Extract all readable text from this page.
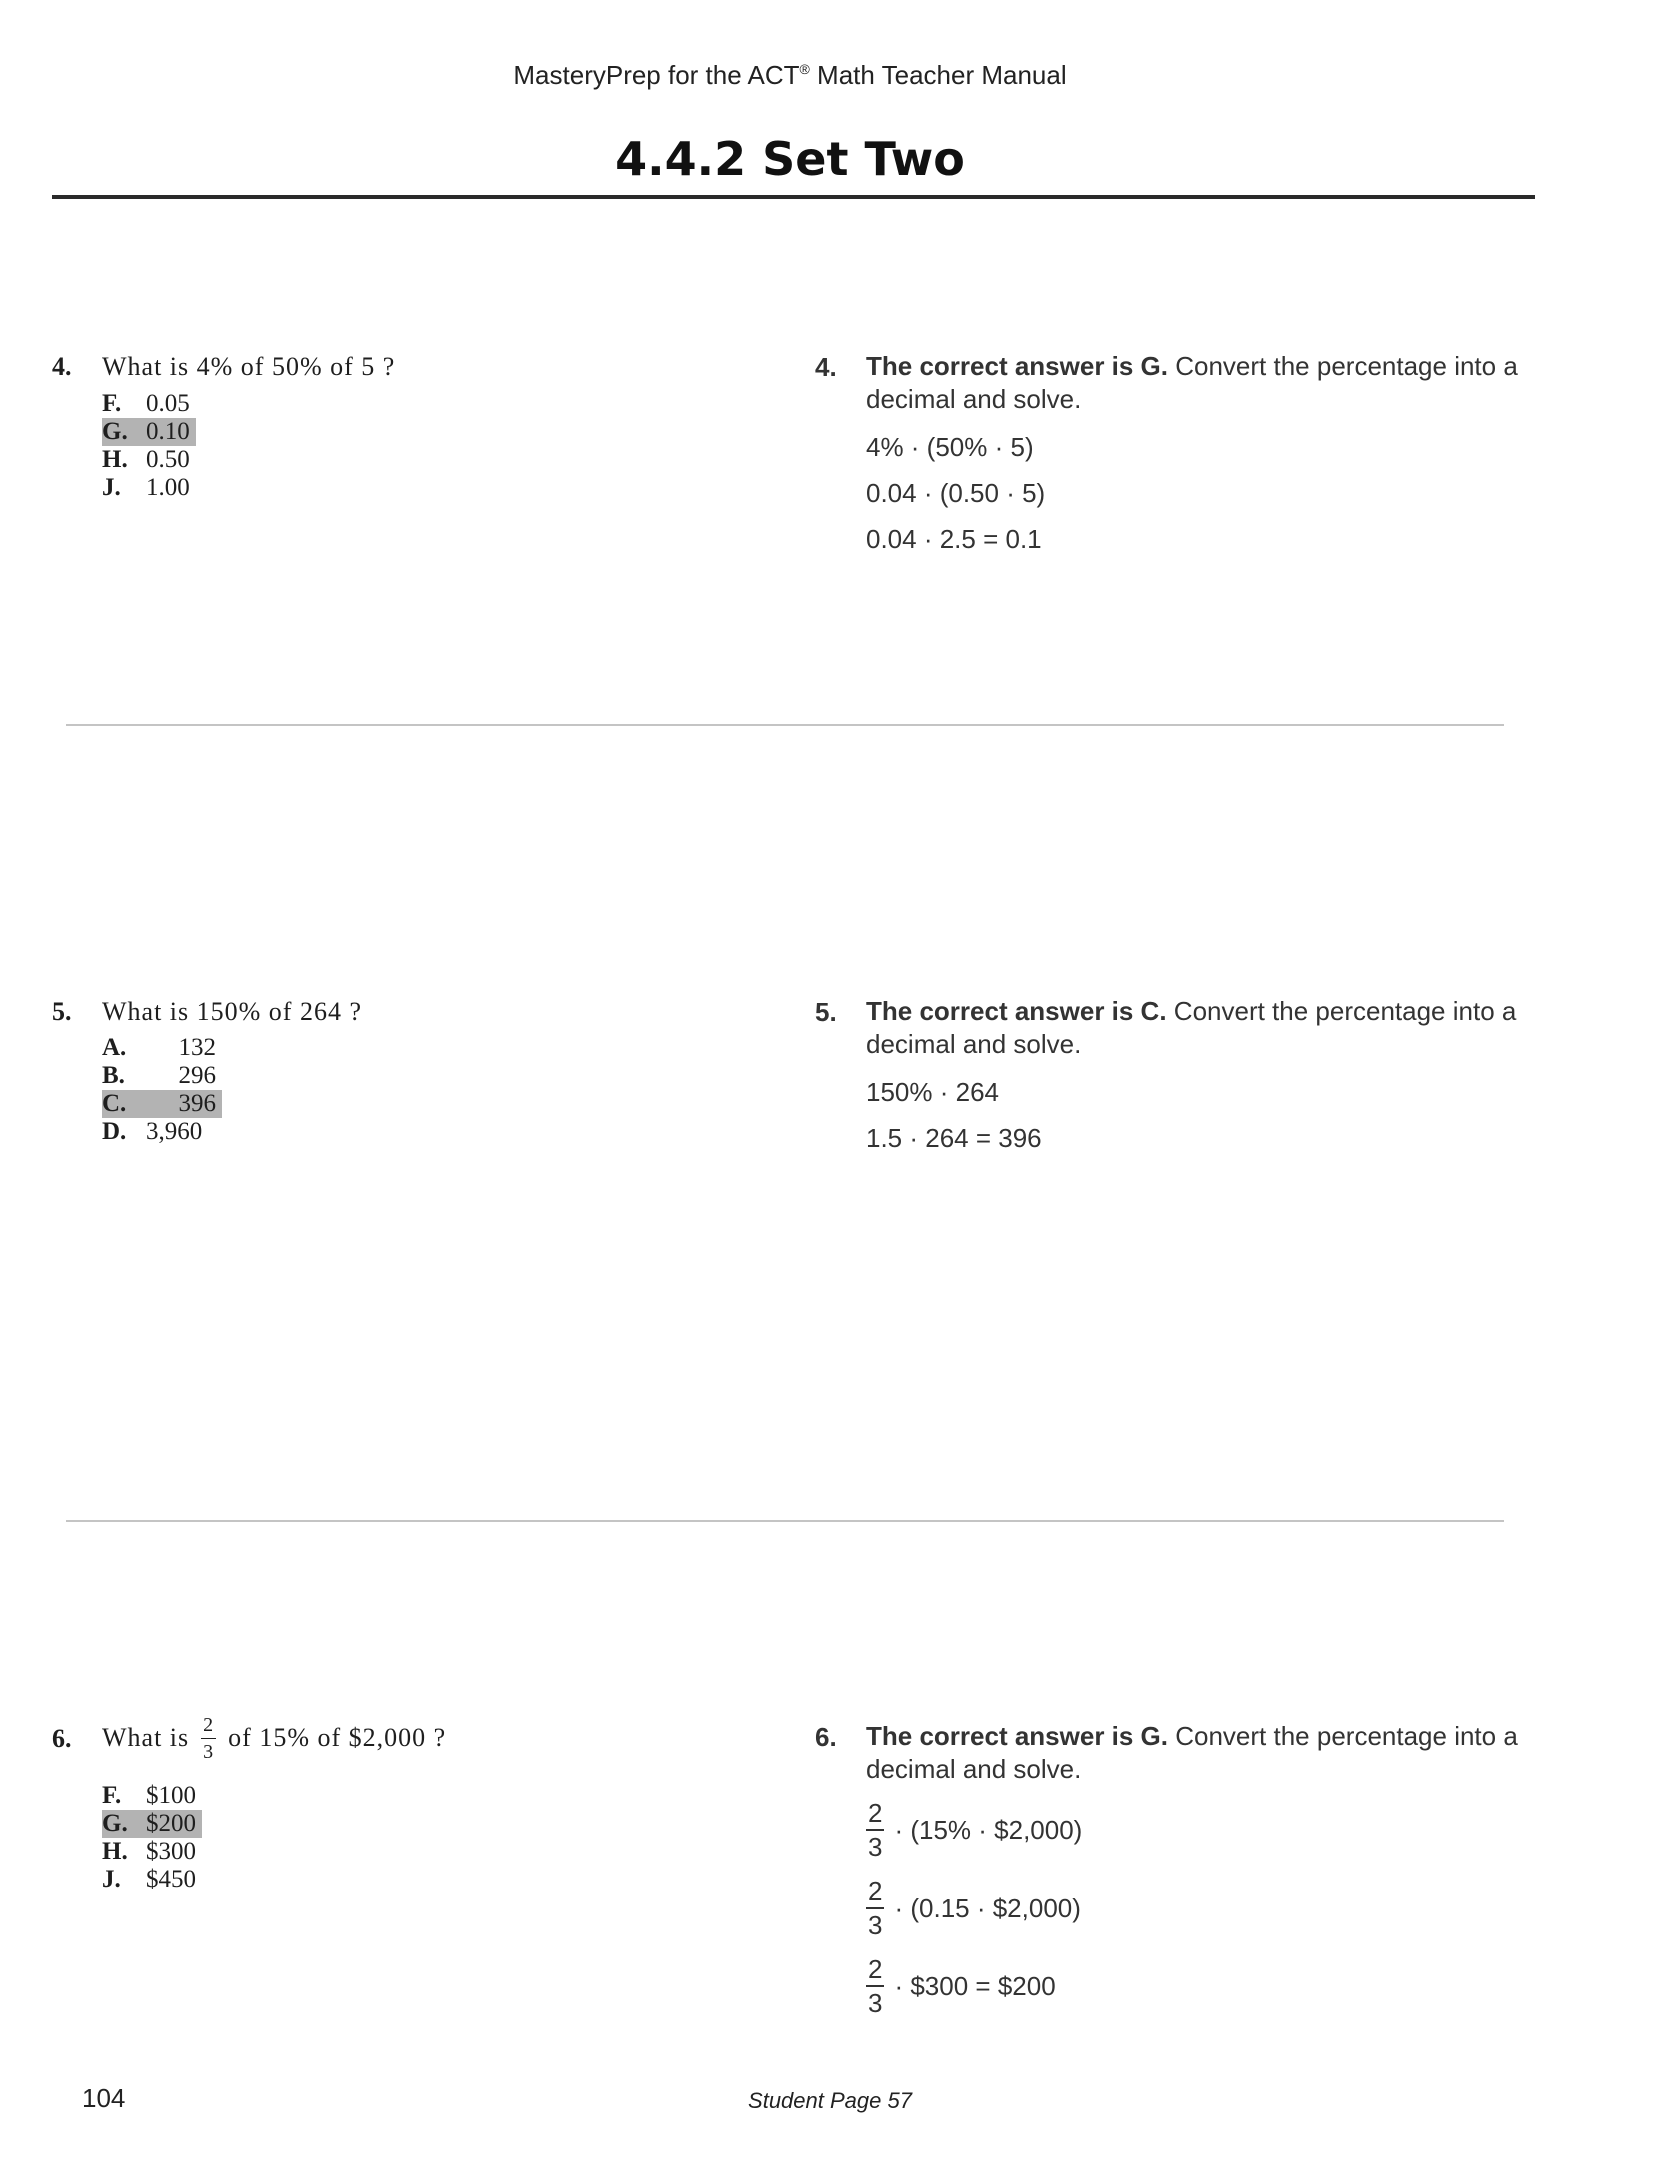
MasteryPrep for the ACT® Math Teacher Manual
4.4.2 Set Two
4. What is 4% of 50% of 5 ?
F. 0.05
G. 0.10
H. 0.50
J.	1.00
4. The correct answer is G. Convert the percentage into a decimal and solve.
4% · (50% · 5)
0.04 · (0.50 · 5)
0.04 · 2.5 = 0.1
5. What is 150% of 264 ?
A.	132
B.	296
C.	396
D. 3,960
5. The correct answer is C. Convert the percentage into a decimal and solve.
150% · 264
1.5 · 264 = 396
6. What is $\frac{2}{3}$ of 15% of $2,000 ?
F. $100
G. $200
H. $300
J.	$450
6. The correct answer is G. Convert the percentage into a decimal and solve.
$\frac{2}{3} \cdot (15\%$ · $2,000)
$\frac{2}{3} \cdot (0.15$ · $2,000)
$\frac{2}{3}$ · $300 = $200
104	Student Page 57
